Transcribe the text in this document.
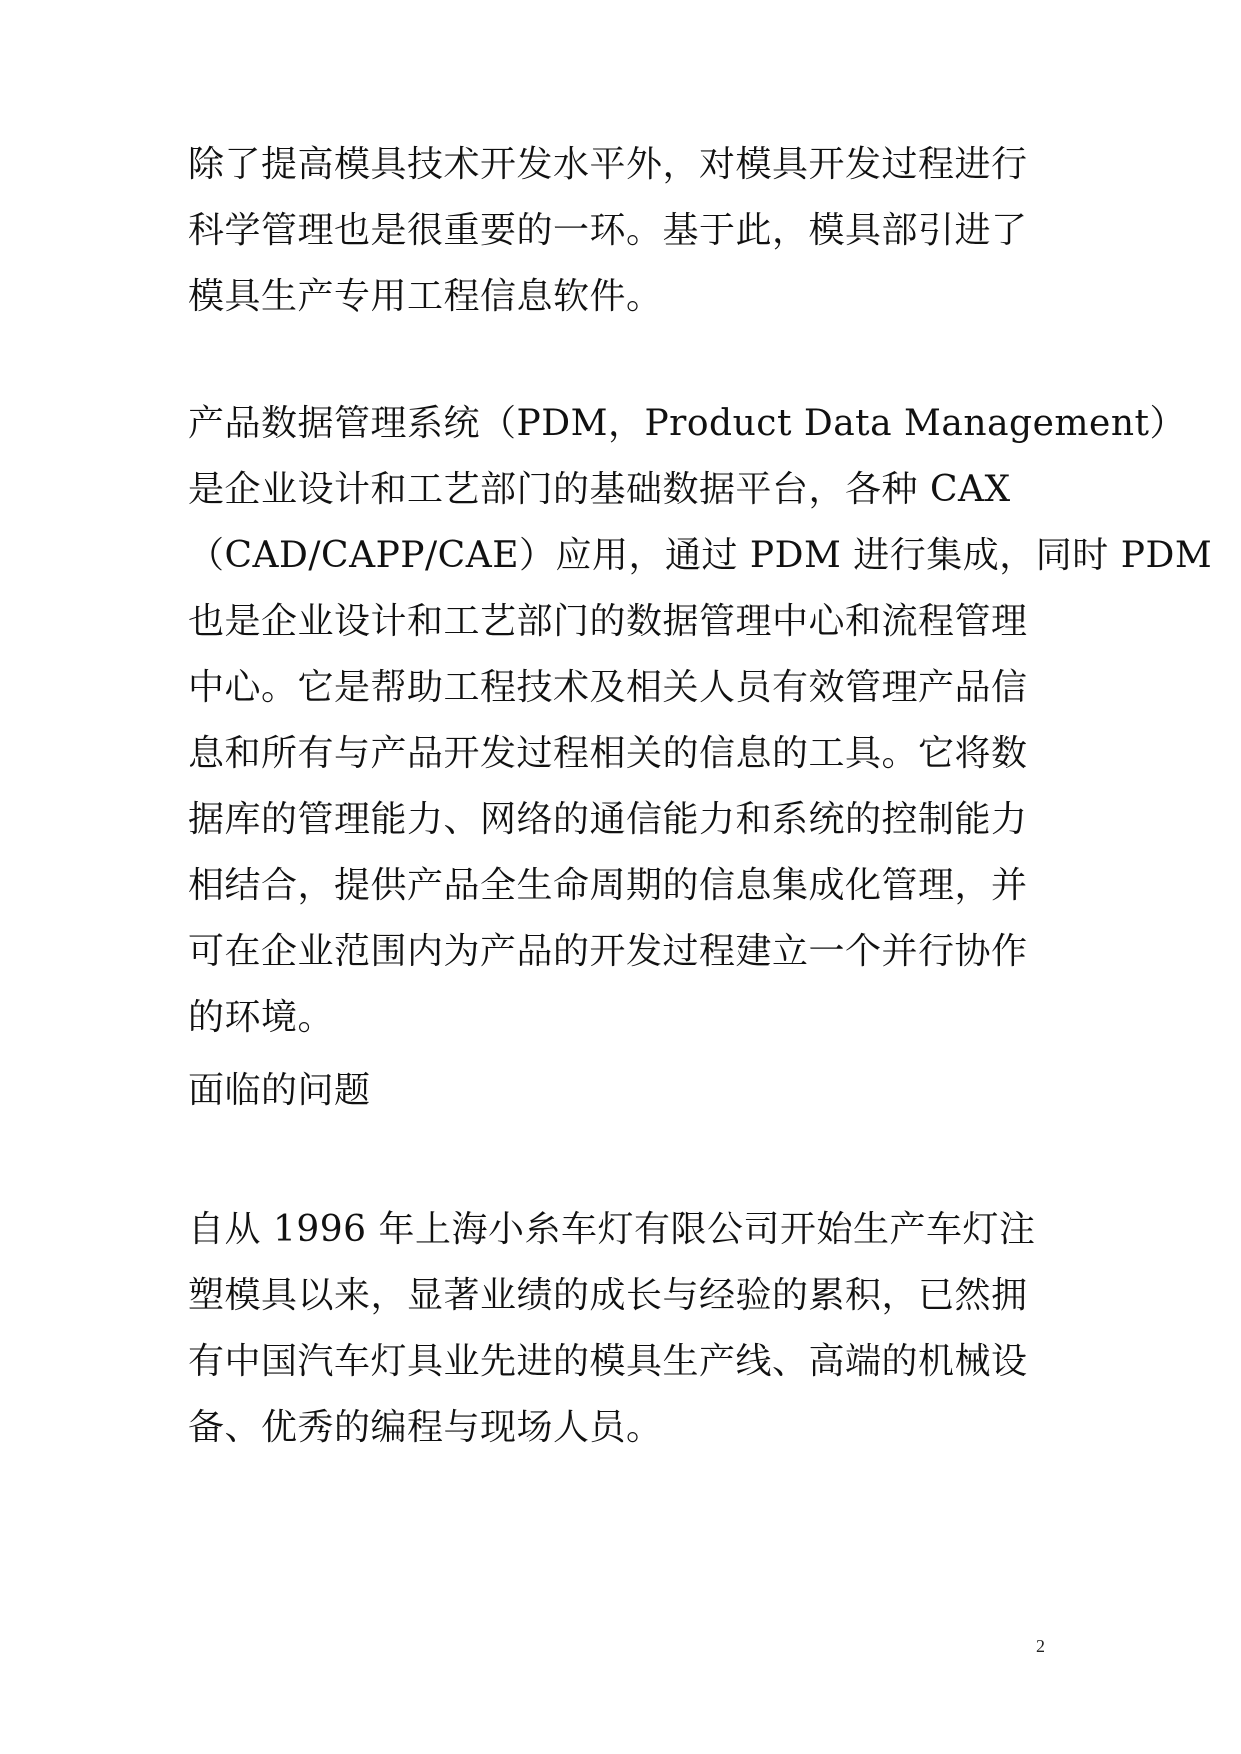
除了提高模具技术开发水平外，对模具开发过程进行
科学管理也是很重要的一环。基于此，模具部引进了
模具生产专用工程信息软件。
产品数据管理系统（PDM，Product Data Management）
是企业设计和工艺部门的基础数据平台，各种 CAX
（CAD/CAPP/CAE）应用，通过 PDM 进行集成，同时 PDM
也是企业设计和工艺部门的数据管理中心和流程管理
中心。它是帮助工程技术及相关人员有效管理产品信
息和所有与产品开发过程相关的信息的工具。它将数
据库的管理能力、网络的通信能力和系统的控制能力
相结合，提供产品全生命周期的信息集成化管理，并
可在企业范围内为产品的开发过程建立一个并行协作
的环境。
面临的问题
自从 1996 年上海小糸车灯有限公司开始生产车灯注
塑模具以来，显著业绩的成长与经验的累积，已然拥
有中国汽车灯具业先进的模具生产线、高端的机械设
备、优秀的编程与现场人员。
2
